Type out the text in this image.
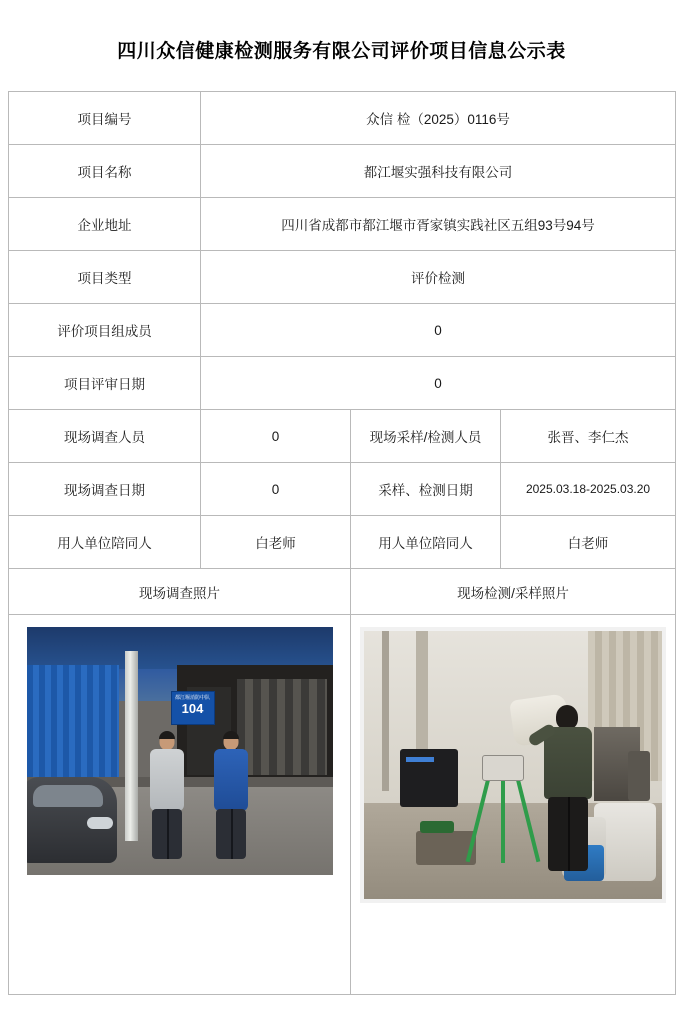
四川众信健康检测服务有限公司评价项目信息公示表
项目编号	众信 检（2025）0116号		
项目名称	都江堰实强科技有限公司		
企业地址	四川省成都市都江堰市胥家镇实践社区五组93号94号		
项目类型	评价检测		
评价项目组成员	0		
项目评审日期	0		
现场调查人员	0	现场采样/检测人员	张晋、李仁杰
现场调查日期	0	采样、检测日期	2025.03.18-2025.03.20
用人单位陪同人	白老师	用人单位陪同人	白老师
现场调查照片		现场检测/采样照片	

都江堰消防中队
104			
